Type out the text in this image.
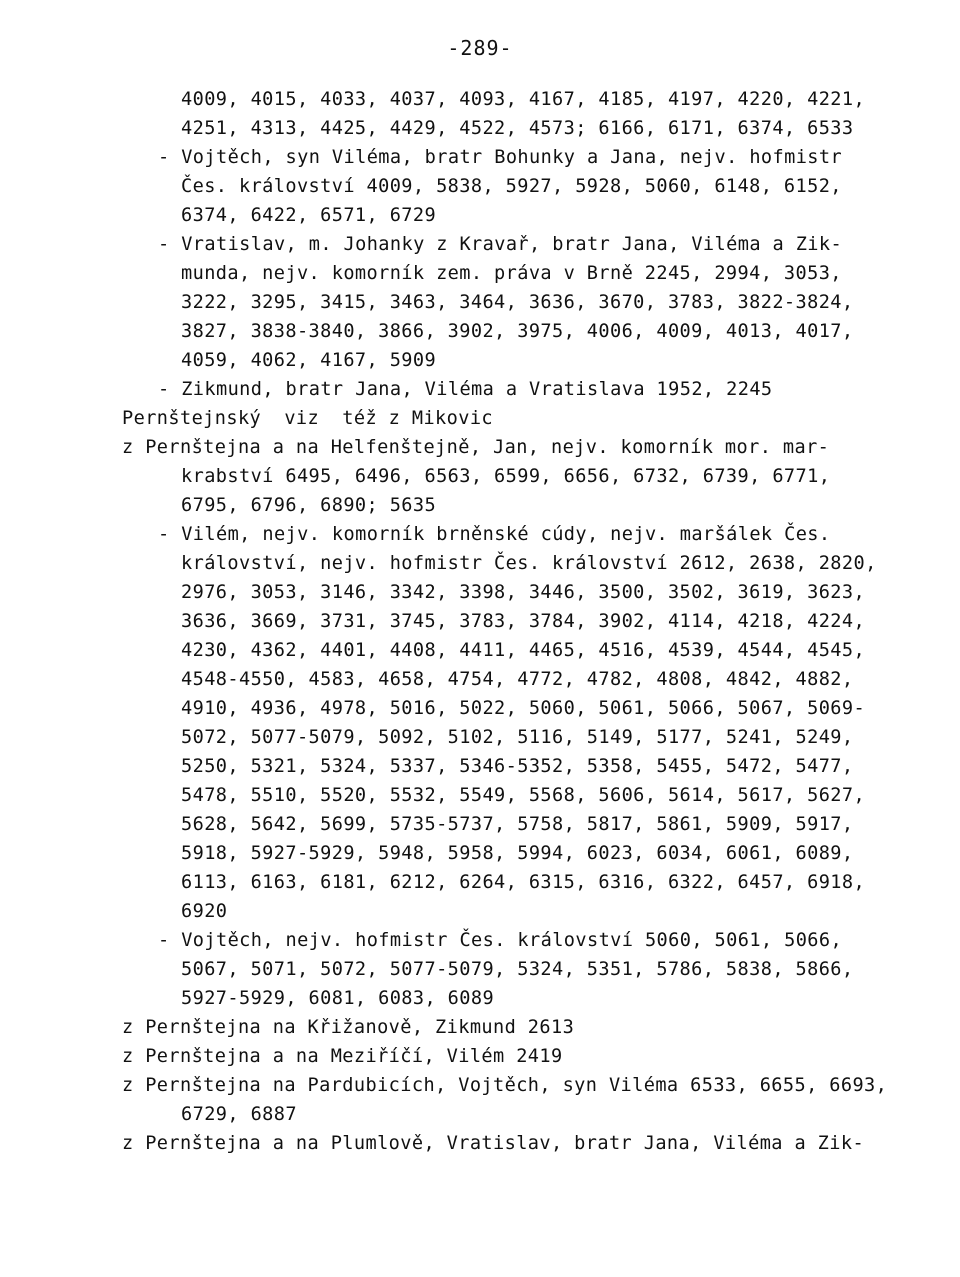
-289-
4009, 4015, 4033, 4037, 4093, 4167, 4185, 4197, 4220, 4221,
4251, 4313, 4425, 4429, 4522, 4573; 6166, 6171, 6374, 6533
- Vojtěch, syn Viléma, bratr Bohunky a Jana, nejv. hofmistr
Čes. království 4009, 5838, 5927, 5928, 5060, 6148, 6152,
6374, 6422, 6571, 6729
- Vratislav, m. Johanky z Kravař, bratr Jana, Viléma a Zik-
munda, nejv. komorník zem. práva v Brně 2245, 2994, 3053,
3222, 3295, 3415, 3463, 3464, 3636, 3670, 3783, 3822-3824,
3827, 3838-3840, 3866, 3902, 3975, 4006, 4009, 4013, 4017,
4059, 4062, 4167, 5909
- Zikmund, bratr Jana, Viléma a Vratislava 1952, 2245
Pernštejnský  viz  též z Mikovic
z Pernštejna a na Helfenštejně, Jan, nejv. komorník mor. mar-
krabství 6495, 6496, 6563, 6599, 6656, 6732, 6739, 6771,
6795, 6796, 6890; 5635
- Vilém, nejv. komorník brněnské cúdy, nejv. maršálek Čes.
království, nejv. hofmistr Čes. království 2612, 2638, 2820,
2976, 3053, 3146, 3342, 3398, 3446, 3500, 3502, 3619, 3623,
3636, 3669, 3731, 3745, 3783, 3784, 3902, 4114, 4218, 4224,
4230, 4362, 4401, 4408, 4411, 4465, 4516, 4539, 4544, 4545,
4548-4550, 4583, 4658, 4754, 4772, 4782, 4808, 4842, 4882,
4910, 4936, 4978, 5016, 5022, 5060, 5061, 5066, 5067, 5069-
5072, 5077-5079, 5092, 5102, 5116, 5149, 5177, 5241, 5249,
5250, 5321, 5324, 5337, 5346-5352, 5358, 5455, 5472, 5477,
5478, 5510, 5520, 5532, 5549, 5568, 5606, 5614, 5617, 5627,
5628, 5642, 5699, 5735-5737, 5758, 5817, 5861, 5909, 5917,
5918, 5927-5929, 5948, 5958, 5994, 6023, 6034, 6061, 6089,
6113, 6163, 6181, 6212, 6264, 6315, 6316, 6322, 6457, 6918,
6920
- Vojtěch, nejv. hofmistr Čes. království 5060, 5061, 5066,
5067, 5071, 5072, 5077-5079, 5324, 5351, 5786, 5838, 5866,
5927-5929, 6081, 6083, 6089
z Pernštejna na Křižanově, Zikmund 2613
z Pernštejna a na Meziříčí, Vilém 2419
z Pernštejna na Pardubicích, Vojtěch, syn Viléma 6533, 6655, 6693,
6729, 6887
z Pernštejna a na Plumlově, Vratislav, bratr Jana, Viléma a Zik-
